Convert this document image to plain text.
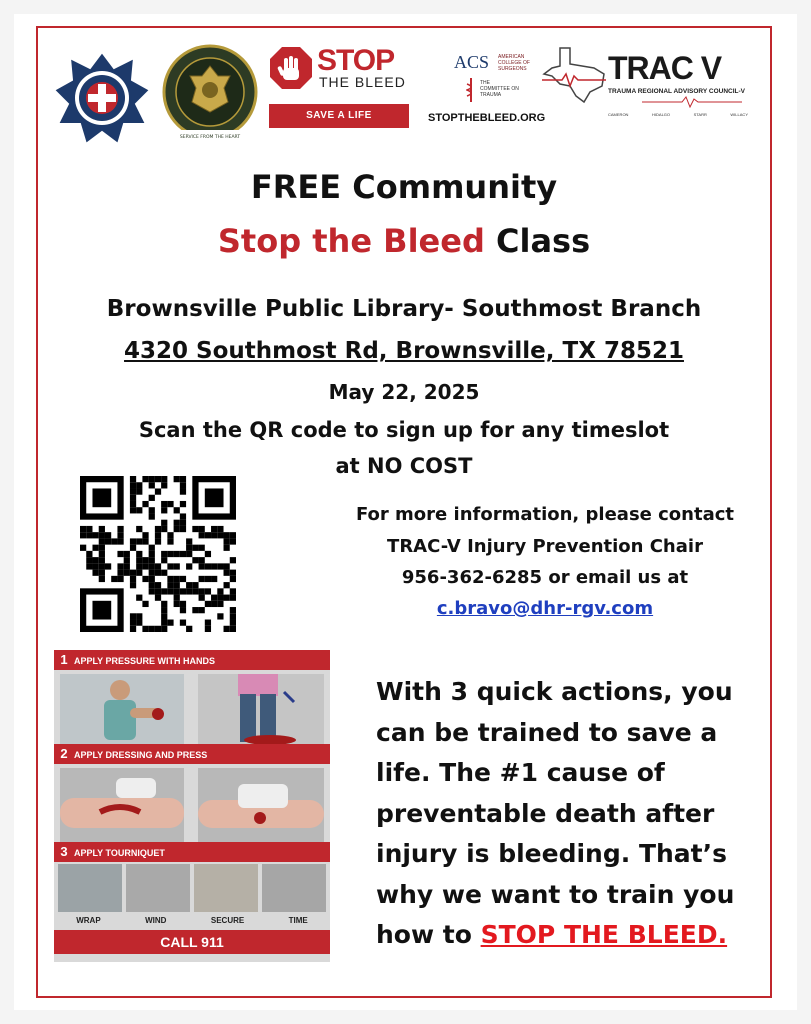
SERVICE FROM THE HEART
STOP
THE BLEED
SAVE A LIFE
ACS AMERICAN COLLEGE OF SURGEONS
THE COMMITTEE ON TRAUMA
STOPTHEBLEED.ORG
TRAC V
TRAUMA REGIONAL ADVISORY COUNCIL-V
CAMERON	HIDALGO	STARR	WILLACY
FREE Community
Stop the Bleed Class
Brownsville Public Library- Southmost Branch
4320 Southmost Rd, Brownsville, TX 78521
May 22, 2025
Scan the QR code to sign up for any timeslot
at NO COST
For more information, please contact
TRAC-V Injury Prevention Chair
956-362-6285 or email us at
c.bravo@dhr-rgv.com
1 APPLY PRESSURE WITH HANDS
2 APPLY DRESSING AND PRESS
3 APPLY TOURNIQUET
WRAP	WIND	SECURE	TIME
CALL 911
With 3 quick actions, you
can be trained to save a
life. The #1 cause of
preventable death after
injury is bleeding. That’s
why we want to train you
how to STOP THE BLEED.
